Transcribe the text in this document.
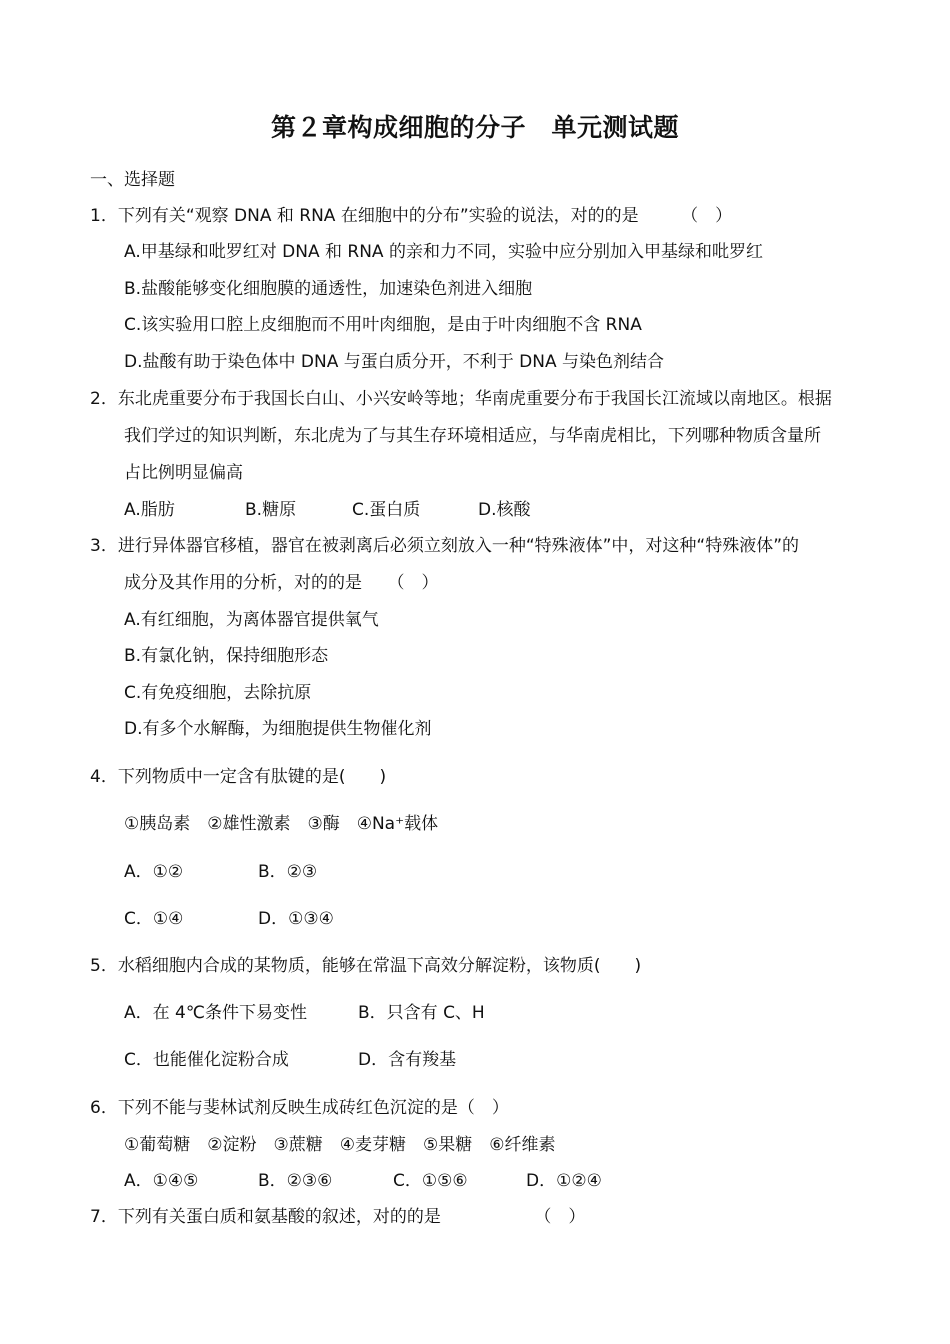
第２章构成细胞的分子　单元测试题
一、选择题
1．下列有关“观察 DNA 和 RNA 在细胞中的分布”实验的说法，对的的是　　　（　）
A.甲基绿和吡罗红对 DNA 和 RNA 的亲和力不同，实验中应分别加入甲基绿和吡罗红
B.盐酸能够变化细胞膜的通透性，加速染色剂进入细胞
C.该实验用口腔上皮细胞而不用叶肉细胞，是由于叶肉细胞不含 RNA
D.盐酸有助于染色体中 DNA 与蛋白质分开，不利于 DNA 与染色剂结合
2．东北虎重要分布于我国长白山、小兴安岭等地；华南虎重要分布于我国长江流域以南地区。根据
我们学过的知识判断，东北虎为了与其生存环境相适应，与华南虎相比，下列哪种物质含量所
占比例明显偏高
A.脂肪	B.糖原	C.蛋白质	D.核酸
3．进行异体器官移植，器官在被剥离后必须立刻放入一种“特殊液体”中，对这种“特殊液体”的
成分及其作用的分析，对的的是　　（　）
A.有红细胞，为离体器官提供氧气
B.有氯化钠，保持细胞形态
C.有免疫细胞，去除抗原
D.有多个水解酶，为细胞提供生物催化剂
4．下列物质中一定含有肽键的是(　　)
①胰岛素　②雄性激素　③酶　④Na⁺载体
A．①②	B．②③
C．①④	D．①③④
5．水稻细胞内合成的某物质，能够在常温下高效分解淀粉，该物质(　　)
A．在 4℃条件下易变性	B．只含有 C、H
C．也能催化淀粉合成	D．含有羧基
6．下列不能与斐林试剂反映生成砖红色沉淀的是（　）
①葡萄糖　②淀粉　③蔗糖　④麦芽糖　⑤果糖　⑥纤维素
A．①④⑤	B．②③⑥	C．①⑤⑥	D．①②④
7．下列有关蛋白质和氨基酸的叙述，对的的是　　　　　　（　）
